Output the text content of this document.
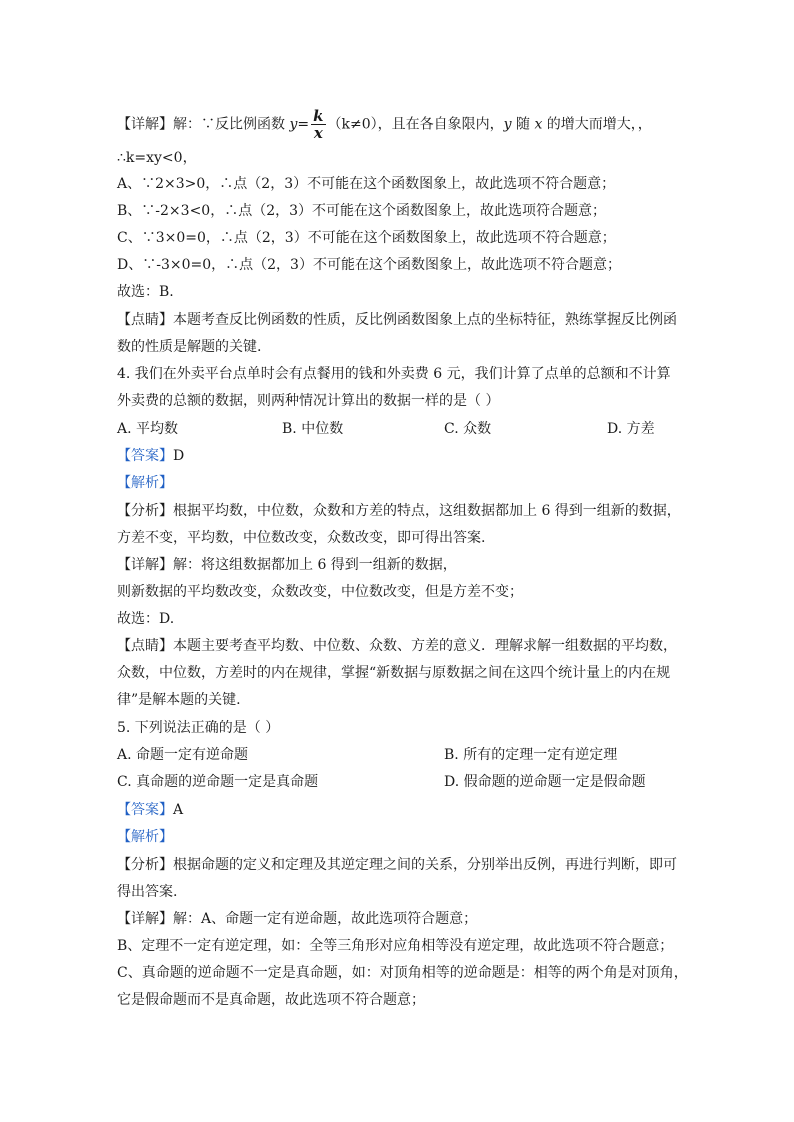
【详解】解：∵反比例函数 $y= \frac{k}{x} (k\ne 0)$，且在各自象限内，y 随 x 的增大而增大，，
∴k=xy<0，
A、∵2×3>0，∴点（2，3）不可能在这个函数图象上，故此选项不符合题意；
B、∵-2×3<0，∴点（2，3）不可能在这个函数图象上，故此选项符合题意；
C、∵3×0=0，∴点（2，3）不可能在这个函数图象上，故此选项不符合题意；
D、∵-3×0=0，∴点（2，3）不可能在这个函数图象上，故此选项不符合题意；
故选：B.
【点睛】本题考查反比例函数的性质，反比例函数图象上点的坐标特征，熟练掌握反比例函
数的性质是解题的关键.
4. 我们在外卖平台点单时会有点餐用的钱和外卖费 6 元，我们计算了点单的总额和不计算
外卖费的总额的数据，则两种情况计算出的数据一样的是（ ）
A. 平均数	B. 中位数	C. 众数	D. 方差
【答案】D
【解析】
【分析】根据平均数，中位数，众数和方差的特点，这组数据都加上 6 得到一组新的数据，
方差不变，平均数，中位数改变，众数改变，即可得出答案.
【详解】解：将这组数据都加上 6 得到一组新的数据，
则新数据的平均数改变，众数改变，中位数改变，但是方差不变；
故选：D.
【点睛】本题主要考查平均数、中位数、众数、方差的意义．理解求解一组数据的平均数，
众数，中位数，方差时的内在规律，掌握“新数据与原数据之间在这四个统计量上的内在规
律”是解本题的关键.
5. 下列说法正确的是（ ）
A. 命题一定有逆命题	B. 所有的定理一定有逆定理
C. 真命题的逆命题一定是真命题	D. 假命题的逆命题一定是假命题
【答案】A
【解析】
【分析】根据命题的定义和定理及其逆定理之间的关系，分别举出反例，再进行判断，即可
得出答案.
【详解】解：A、命题一定有逆命题，故此选项符合题意；
B、定理不一定有逆定理，如：全等三角形对应角相等没有逆定理，故此选项不符合题意；
C、真命题的逆命题不一定是真命题，如：对顶角相等的逆命题是：相等的两个角是对顶角，
它是假命题而不是真命题，故此选项不符合题意；
